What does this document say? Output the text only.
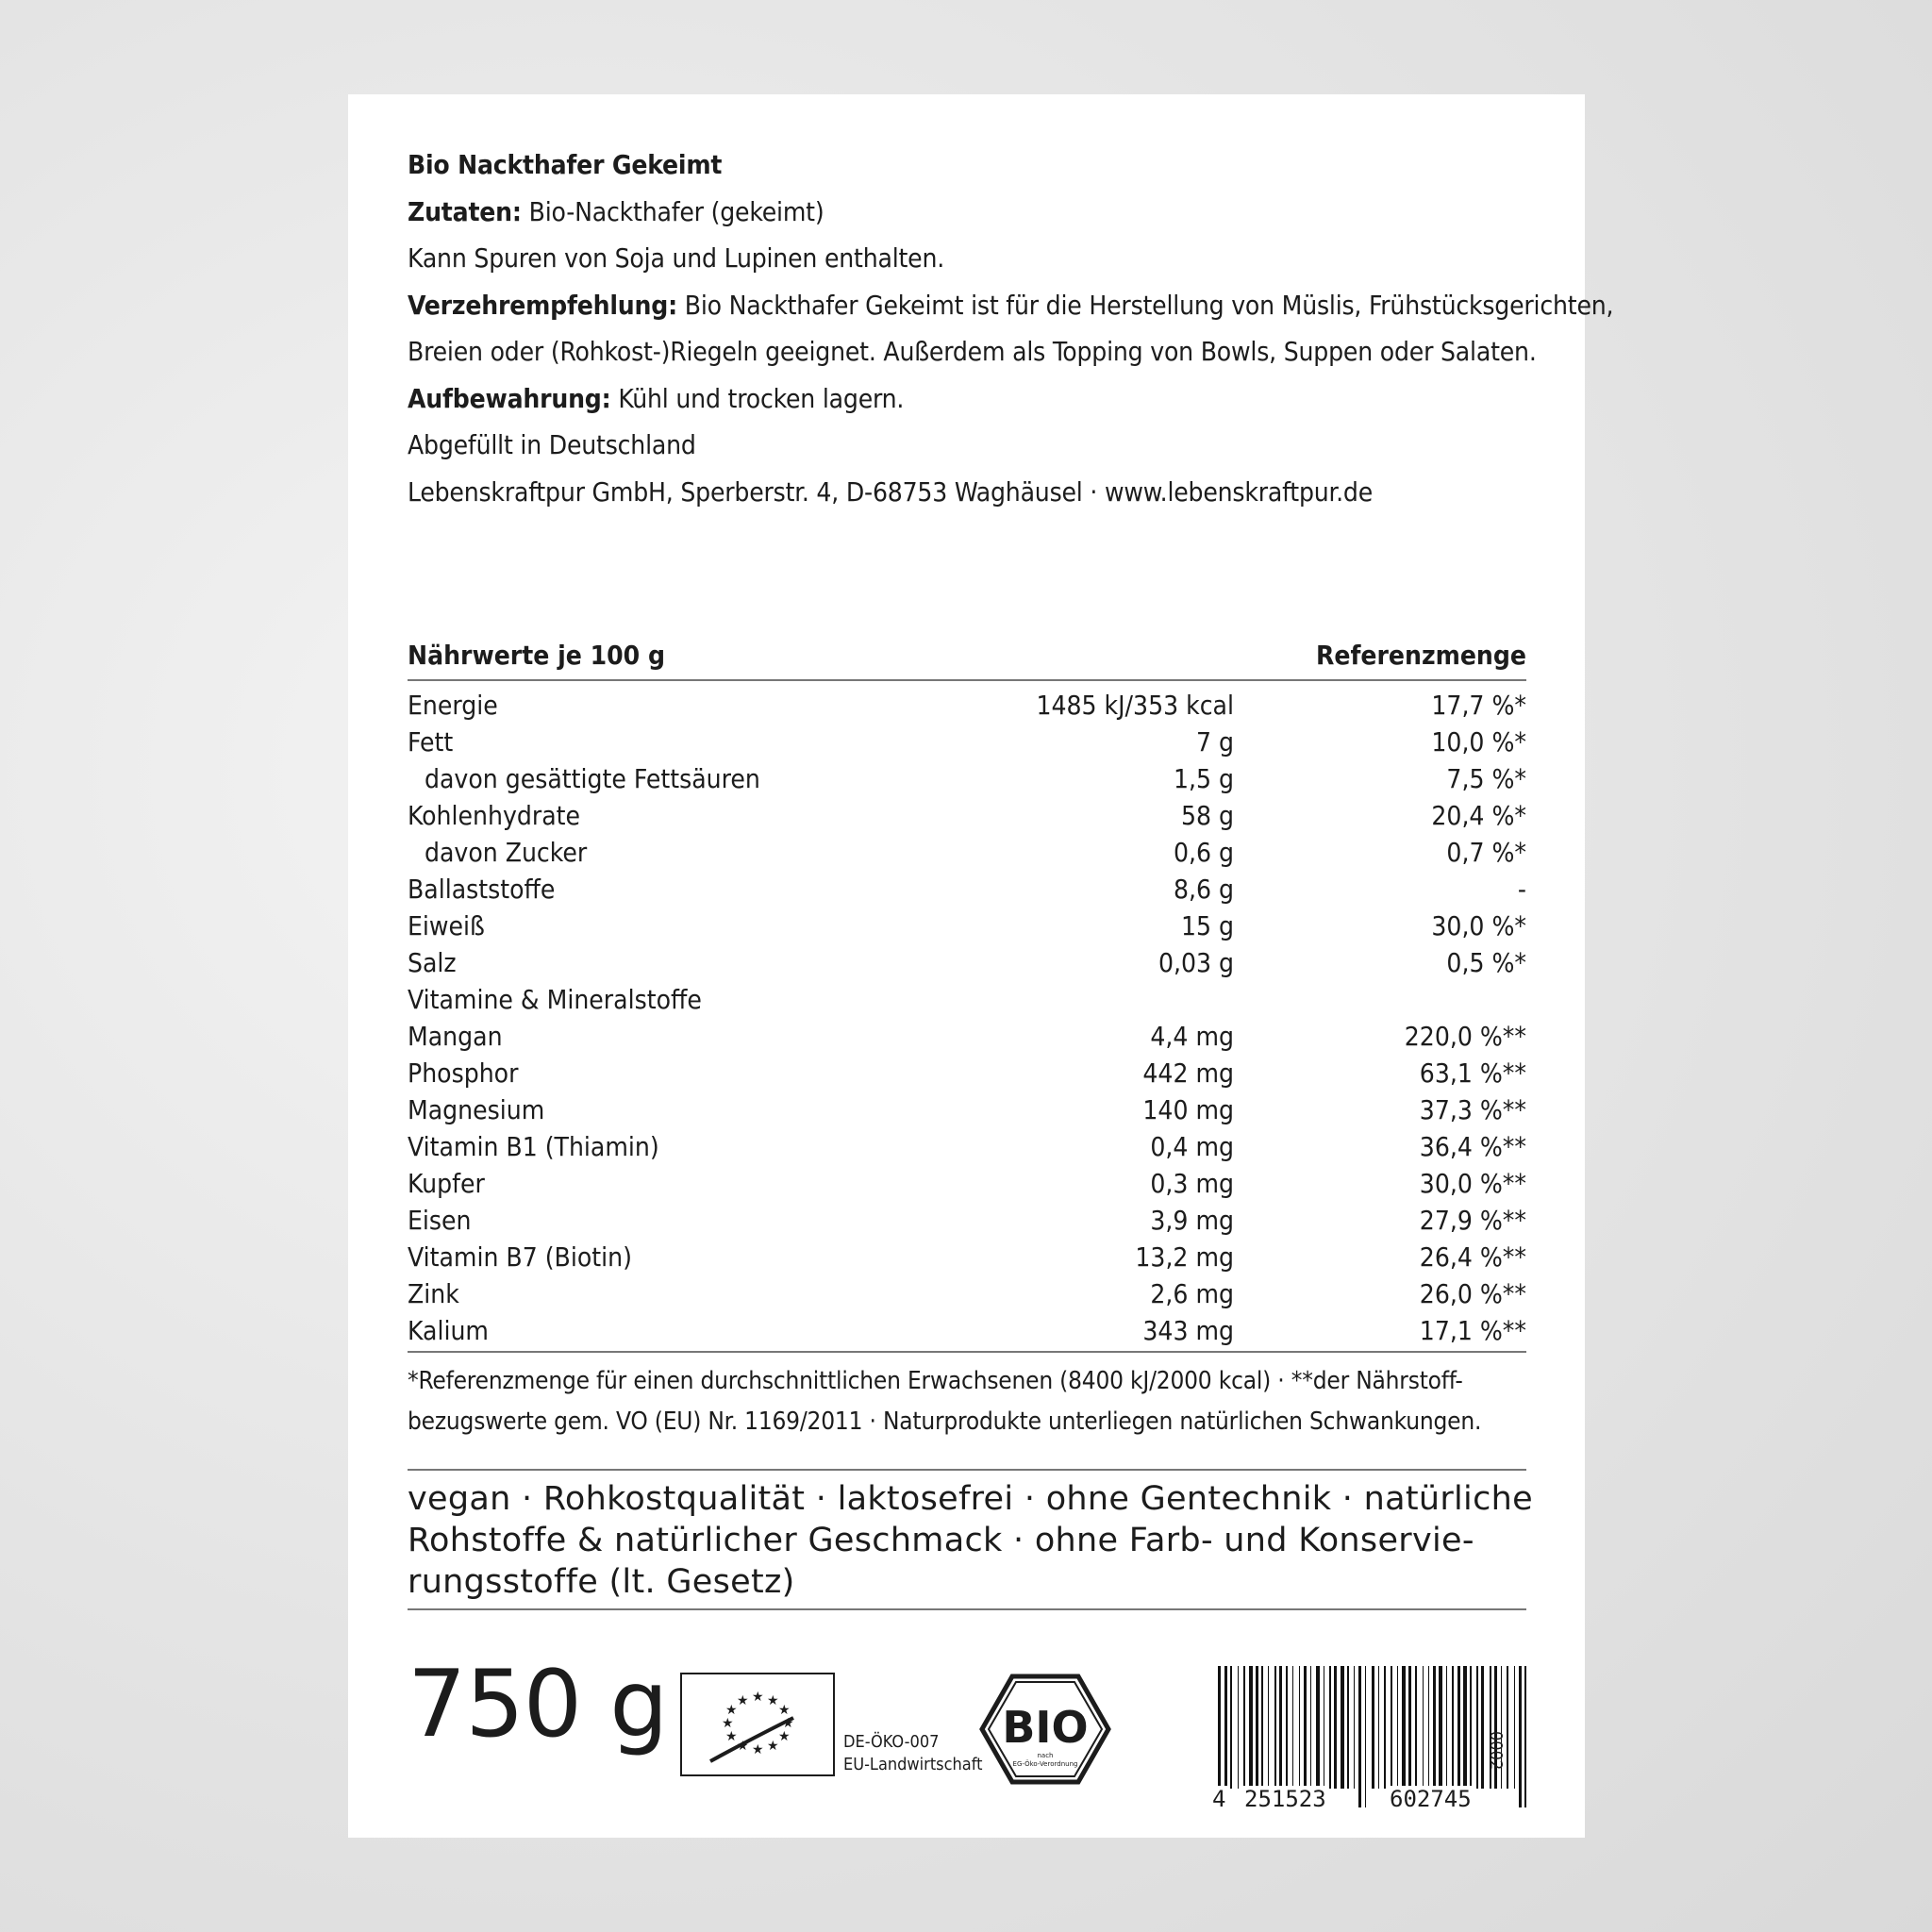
Bio Nackthafer Gekeimt
Zutaten: Bio-Nackthafer (gekeimt)
Kann Spuren von Soja und Lupinen enthalten.
Verzehrempfehlung: Bio Nackthafer Gekeimt ist für die Herstellung von Müslis, Frühstücksgerichten,
Breien oder (Rohkost-)Riegeln geeignet. Außerdem als Topping von Bowls, Suppen oder Salaten.
Aufbewahrung: Kühl und trocken lagern.
Abgefüllt in Deutschland
Lebenskraftpur GmbH, Sperberstr. 4, D-68753 Waghäusel · www.lebenskraftpur.de
Nährwerte je 100 g	Referenzmenge
Energie	1485 kJ/353 kcal	17,7 %*
Fett	7 g	10,0 %*
davon gesättigte Fettsäuren	1,5 g	7,5 %*
Kohlenhydrate	58 g	20,4 %*
davon Zucker	0,6 g	0,7 %*
Ballaststoffe	8,6 g	-
Eiweiß	15 g	30,0 %*
Salz	0,03 g	0,5 %*
Vitamine & Mineralstoffe
Mangan	4,4 mg	220,0 %**
Phosphor	442 mg	63,1 %**
Magnesium	140 mg	37,3 %**
Vitamin B1 (Thiamin)	0,4 mg	36,4 %**
Kupfer	0,3 mg	30,0 %**
Eisen	3,9 mg	27,9 %**
Vitamin B7 (Biotin)	13,2 mg	26,4 %**
Zink	2,6 mg	26,0 %**
Kalium	343 mg	17,1 %**
*Referenzmenge für einen durchschnittlichen Erwachsenen (8400 kJ/2000 kcal) · **der Nährstoff-
bezugswerte gem. VO (EU) Nr. 1169/2011 · Naturprodukte unterliegen natürlichen Schwankungen.
vegan · Rohkostqualität · laktosefrei · ohne Gentechnik · natürliche
Rohstoffe & natürlicher Geschmack · ohne Farb- und Konservie-
rungsstoffe (lt. Gesetz)
750 g	★ ★ ★
★
★
★
★
★
★
★
★
★
DE-ÖKO-007
EU-Landwirtschaft
BIO
nach
EG-Öko-Verordnung
4 251523	602745
0002
